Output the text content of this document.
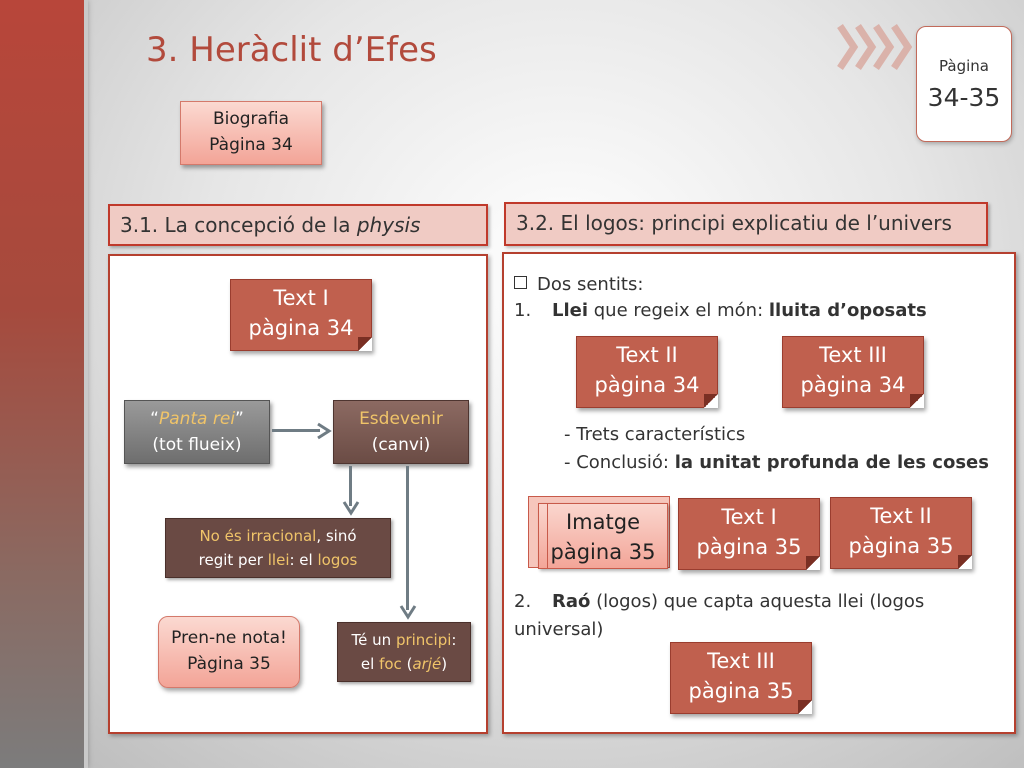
3. Heràclit d’Efes	Pàgina
34-35
Biografia
Pàgina 34
3.1. La concepció de la physis
Text I
pàgina 34
“Panta rei”
(tot flueix)
Esdevenir
(canvi)
No és irracional, sinó
regit per llei: el logos
Té un principi:
el foc (arjé)
Pren-ne nota!
Pàgina 35
3.2. El logos: principi explicatiu de l’univers
Dos sentits:
1. Llei que regeix el món: lluita d’oposats
Text II
pàgina 34
Text III
pàgina 34
- Trets característics
- Conclusió: la unitat profunda de les coses
Imatge
pàgina 35
Text I
pàgina 35
Text II
pàgina 35
2. Raó (logos) que capta aquesta llei (logos universal)
Text III
pàgina 35
